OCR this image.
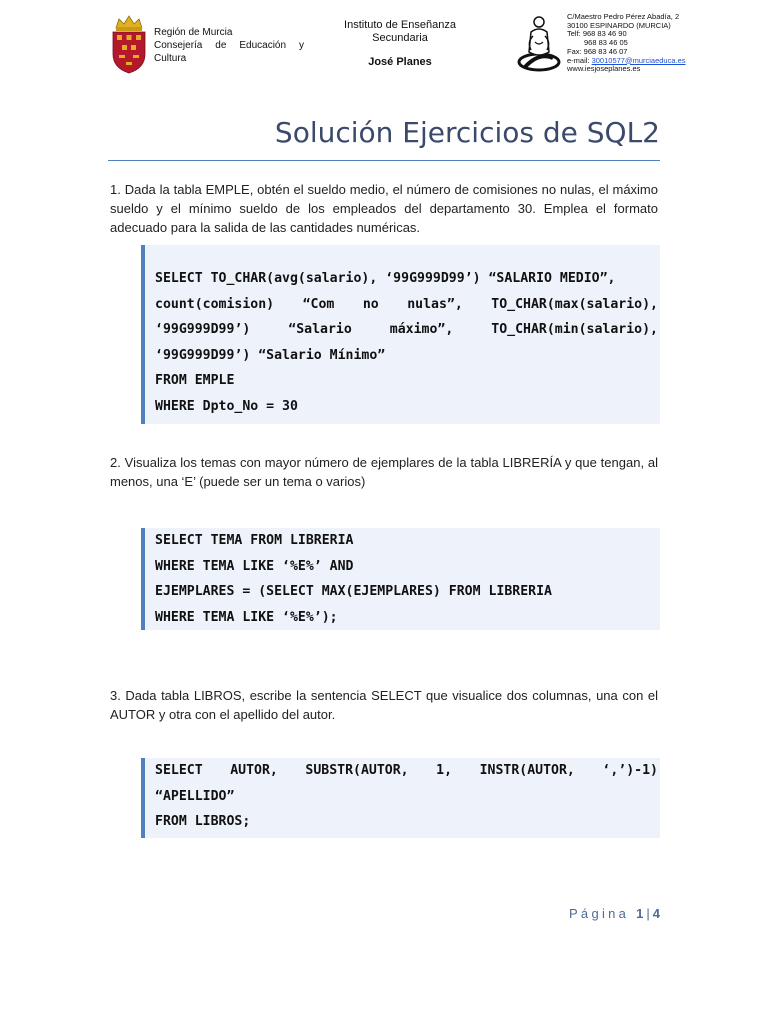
Región de Murcia
Consejería de Educación y
Cultura
Instituto de Enseñanza
Secundaria
José Planes
C/Maestro Pedro Pérez Abadía, 2
30100 ESPINARDO (MURCIA)
Telf: 968 83 46 90
968 83 46 05
Fax: 968 83 46 07
e-mail: 30010577@murciaeduca.es
www.iesjoseplanes.es
Solución Ejercicios de SQL2
1. Dada la tabla EMPLE, obtén el sueldo medio, el número de comisiones no nulas, el máximo sueldo y el mínimo sueldo de los empleados del departamento 30. Emplea el formato adecuado para la salida de las cantidades numéricas.
SELECT TO_CHAR(avg(salario), ‘99G999D99’) “SALARIO MEDIO”,
count(comision) “Com no nulas”, TO_CHAR(max(salario),
‘99G999D99’) “Salario máximo”, TO_CHAR(min(salario),
‘99G999D99’) “Salario Mínimo”
FROM EMPLE
WHERE Dpto_No = 30
2. Visualiza los temas con mayor número de ejemplares de la tabla LIBRERÍA y que tengan, al menos, una ‘E’ (puede ser un tema o varios)
SELECT TEMA FROM LIBRERIA
WHERE TEMA LIKE ‘%E%’ AND
EJEMPLARES = (SELECT MAX(EJEMPLARES) FROM LIBRERIA
WHERE TEMA LIKE ‘%E%’);
3. Dada tabla LIBROS, escribe la sentencia SELECT que visualice dos columnas, una con el AUTOR y otra con el apellido del autor.
SELECT AUTOR, SUBSTR(AUTOR, 1, INSTR(AUTOR, ‘,’)-1)
“APELLIDO”
FROM LIBROS;
Página 1 | 4
